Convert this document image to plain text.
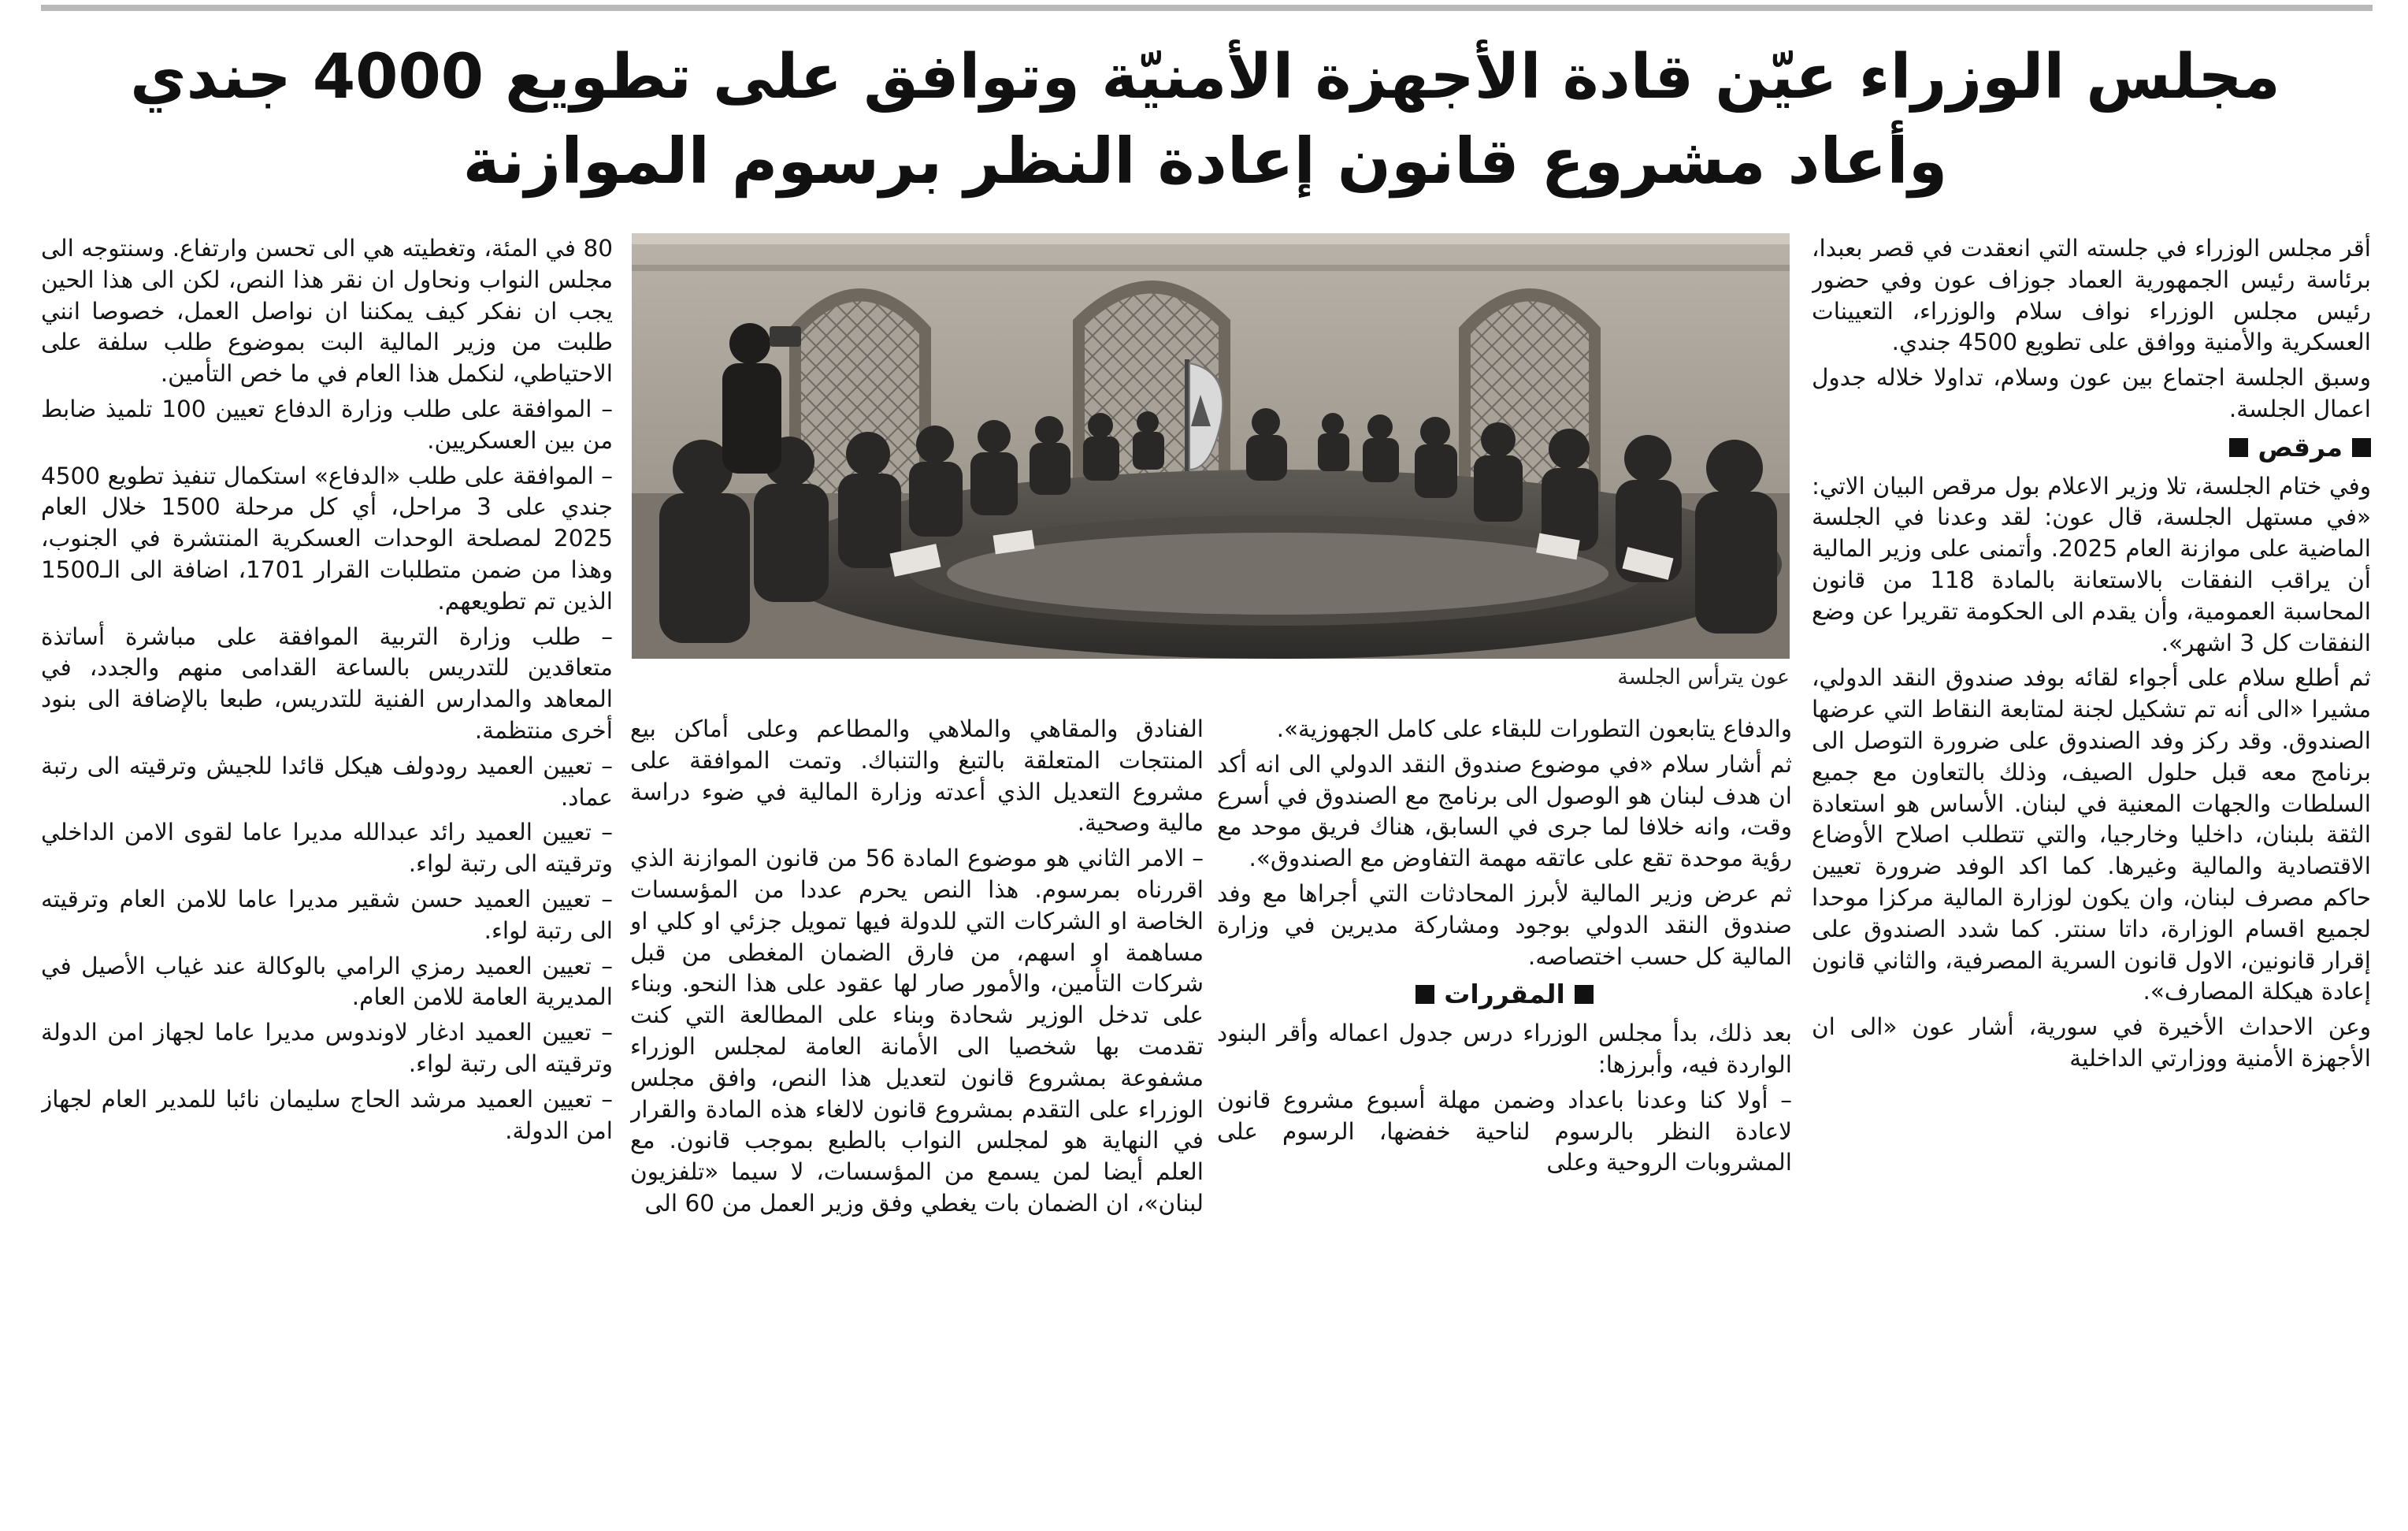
مجلس الوزراء عيّن قادة الأجهزة الأمنيّة وتوافق على تطويع 4000 جندي
وأعاد مشروع قانون إعادة النظر برسوم الموازنة
عون يترأس الجلسة

أقر مجلس الوزراء في جلسته التي انعقدت في قصر بعبدا، برئاسة رئيس الجمهورية العماد جوزاف عون وفي حضور رئيس مجلس الوزراء نواف سلام والوزراء، التعيينات العسكرية والأمنية ووافق على تطويع 4500 جندي.

وسبق الجلسة اجتماع بين عون وسلام، تداولا خلاله جدول اعمال الجلسة.

مرقص

وفي ختام الجلسة، تلا وزير الاعلام بول مرقص البيان الاتي: «في مستهل الجلسة، قال عون: لقد وعدنا في الجلسة الماضية على موازنة العام 2025. وأتمنى على وزير المالية أن يراقب النفقات بالاستعانة بالمادة 118 من قانون المحاسبة العمومية، وأن يقدم الى الحكومة تقريرا عن وضع النفقات كل 3 اشهر».

ثم أطلع سلام على أجواء لقائه بوفد صندوق النقد الدولي، مشيرا «الى أنه تم تشكيل لجنة لمتابعة النقاط التي عرضها الصندوق. وقد ركز وفد الصندوق على ضرورة التوصل الى برنامج معه قبل حلول الصيف، وذلك بالتعاون مع جميع السلطات والجهات المعنية في لبنان. الأساس هو استعادة الثقة بلبنان، داخليا وخارجيا، والتي تتطلب اصلاح الأوضاع الاقتصادية والمالية وغيرها. كما اكد الوفد ضرورة تعيين حاكم مصرف لبنان، وان يكون لوزارة المالية مركزا موحدا لجميع اقسام الوزارة، داتا سنتر. كما شدد الصندوق على إقرار قانونين، الاول قانون السرية المصرفية، والثاني قانون إعادة هيكلة المصارف».

وعن الاحداث الأخيرة في سورية، أشار عون «الى ان الأجهزة الأمنية ووزارتي الداخلية

والدفاع يتابعون التطورات للبقاء على كامل الجهوزية».

ثم أشار سلام «في موضوع صندوق النقد الدولي الى انه أكد ان هدف لبنان هو الوصول الى برنامج مع الصندوق في أسرع وقت، وانه خلافا لما جرى في السابق، هناك فريق موحد مع رؤية موحدة تقع على عاتقه مهمة التفاوض مع الصندوق».

ثم عرض وزير المالية لأبرز المحادثات التي أجراها مع وفد صندوق النقد الدولي بوجود ومشاركة مديرين في وزارة المالية كل حسب اختصاصه.

المقررات

بعد ذلك، بدأ مجلس الوزراء درس جدول اعماله وأقر البنود الواردة فيه، وأبرزها:

– أولا كنا وعدنا باعداد وضمن مهلة أسبوع مشروع قانون لاعادة النظر بالرسوم لناحية خفضها، الرسوم على المشروبات الروحية وعلى

الفنادق والمقاهي والملاهي والمطاعم وعلى أماكن بيع المنتجات المتعلقة بالتبغ والتنباك. وتمت الموافقة على مشروع التعديل الذي أعدته وزارة المالية في ضوء دراسة مالية وصحية.

– الامر الثاني هو موضوع المادة 56 من قانون الموازنة الذي اقررناه بمرسوم. هذا النص يحرم عددا من المؤسسات الخاصة او الشركات التي للدولة فيها تمويل جزئي او كلي او مساهمة او اسهم، من فارق الضمان المغطى من قبل شركات التأمين، والأمور صار لها عقود على هذا النحو. وبناء على تدخل الوزير شحادة وبناء على المطالعة التي كنت تقدمت بها شخصيا الى الأمانة العامة لمجلس الوزراء مشفوعة بمشروع قانون لتعديل هذا النص، وافق مجلس الوزراء على التقدم بمشروع قانون لالغاء هذه المادة والقرار في النهاية هو لمجلس النواب بالطبع بموجب قانون. مع العلم أيضا لمن يسمع من المؤسسات، لا سيما «تلفزيون لبنان»، ان الضمان بات يغطي وفق وزير العمل من 60 الى

80 في المئة، وتغطيته هي الى تحسن وارتفاع. وسنتوجه الى مجلس النواب ونحاول ان نقر هذا النص، لكن الى هذا الحين يجب ان نفكر كيف يمكننا ان نواصل العمل، خصوصا انني طلبت من وزير المالية البت بموضوع طلب سلفة على الاحتياطي، لنكمل هذا العام في ما خص التأمين.

– الموافقة على طلب وزارة الدفاع تعيين 100 تلميذ ضابط من بين العسكريين.

– الموافقة على طلب «الدفاع» استكمال تنفيذ تطويع 4500 جندي على 3 مراحل، أي كل مرحلة 1500 خلال العام 2025 لمصلحة الوحدات العسكرية المنتشرة في الجنوب، وهذا من ضمن متطلبات القرار 1701، اضافة الى الـ1500 الذين تم تطويعهم.

– طلب وزارة التربية الموافقة على مباشرة أساتذة متعاقدين للتدريس بالساعة القدامى منهم والجدد، في المعاهد والمدارس الفنية للتدريس، طبعا بالإضافة الى بنود أخرى منتظمة.

– تعيين العميد رودولف هيكل قائدا للجيش وترقيته الى رتبة عماد.

– تعيين العميد رائد عبدالله مديرا عاما لقوى الامن الداخلي وترقيته الى رتبة لواء.

– تعيين العميد حسن شقير مديرا عاما للامن العام وترقيته الى رتبة لواء.

– تعيين العميد رمزي الرامي بالوكالة عند غياب الأصيل في المديرية العامة للامن العام.

– تعيين العميد ادغار لاوندوس مديرا عاما لجهاز امن الدولة وترقيته الى رتبة لواء.

– تعيين العميد مرشد الحاج سليمان نائبا للمدير العام لجهاز امن الدولة.
